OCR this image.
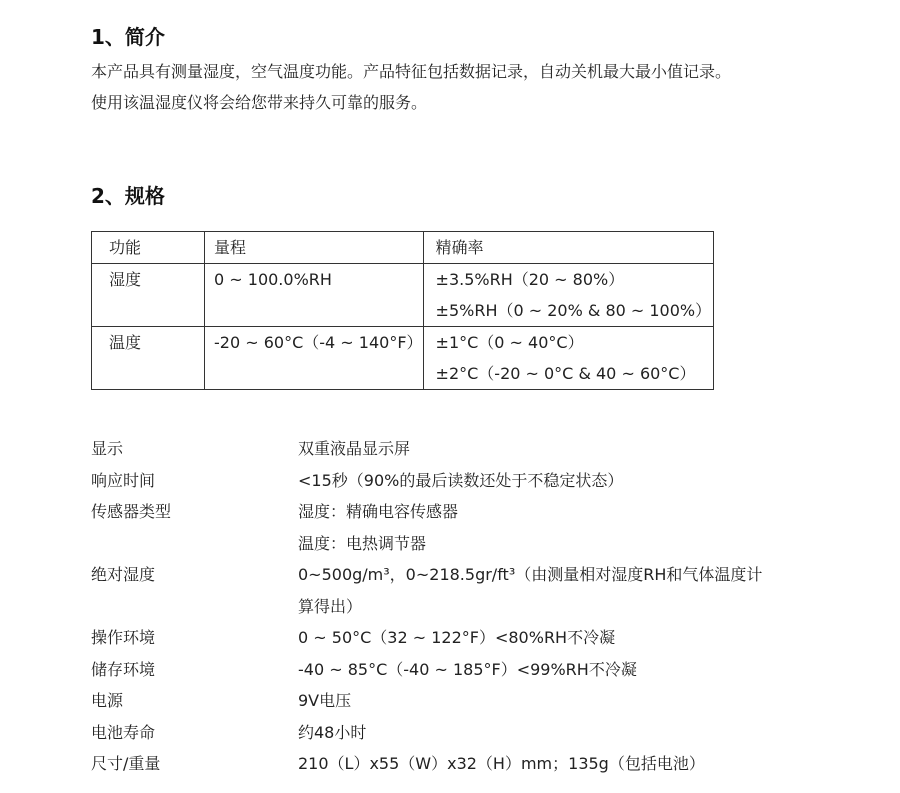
1、简介

本产品具有测量湿度，空气温度功能。产品特征包括数据记录，自动关机最大最小值记录。

使用该温湿度仪将会给您带来持久可靠的服务。

2、规格
功能	量程	精确率

湿度	0 ~ 100.0%RH	±3.5%RH（20 ~ 80%）
±5%RH（0 ~ 20% & 80 ~ 100%）

温度	-20 ~ 60°C（-4 ~ 140°F）	±1°C（0 ~ 40°C）
±2°C（-20 ~ 0°C & 40 ~ 60°C）
显示	双重液晶显示屏
响应时间	<15秒（90%的最后读数还处于不稳定状态）
传感器类型	湿度：精确电容传感器
温度：电热调节器
绝对湿度	0~500g/m³，0~218.5gr/ft³（由测量相对湿度RH和气体温度计
算得出）
操作环境	0 ~ 50°C（32 ~ 122°F）<80%RH不冷凝
储存环境	-40 ~ 85°C（-40 ~ 185°F）<99%RH不冷凝
电源	9V电压
电池寿命	约48小时
尺寸/重量	210（L）x55（W）x32（H）mm；135g（包括电池）
